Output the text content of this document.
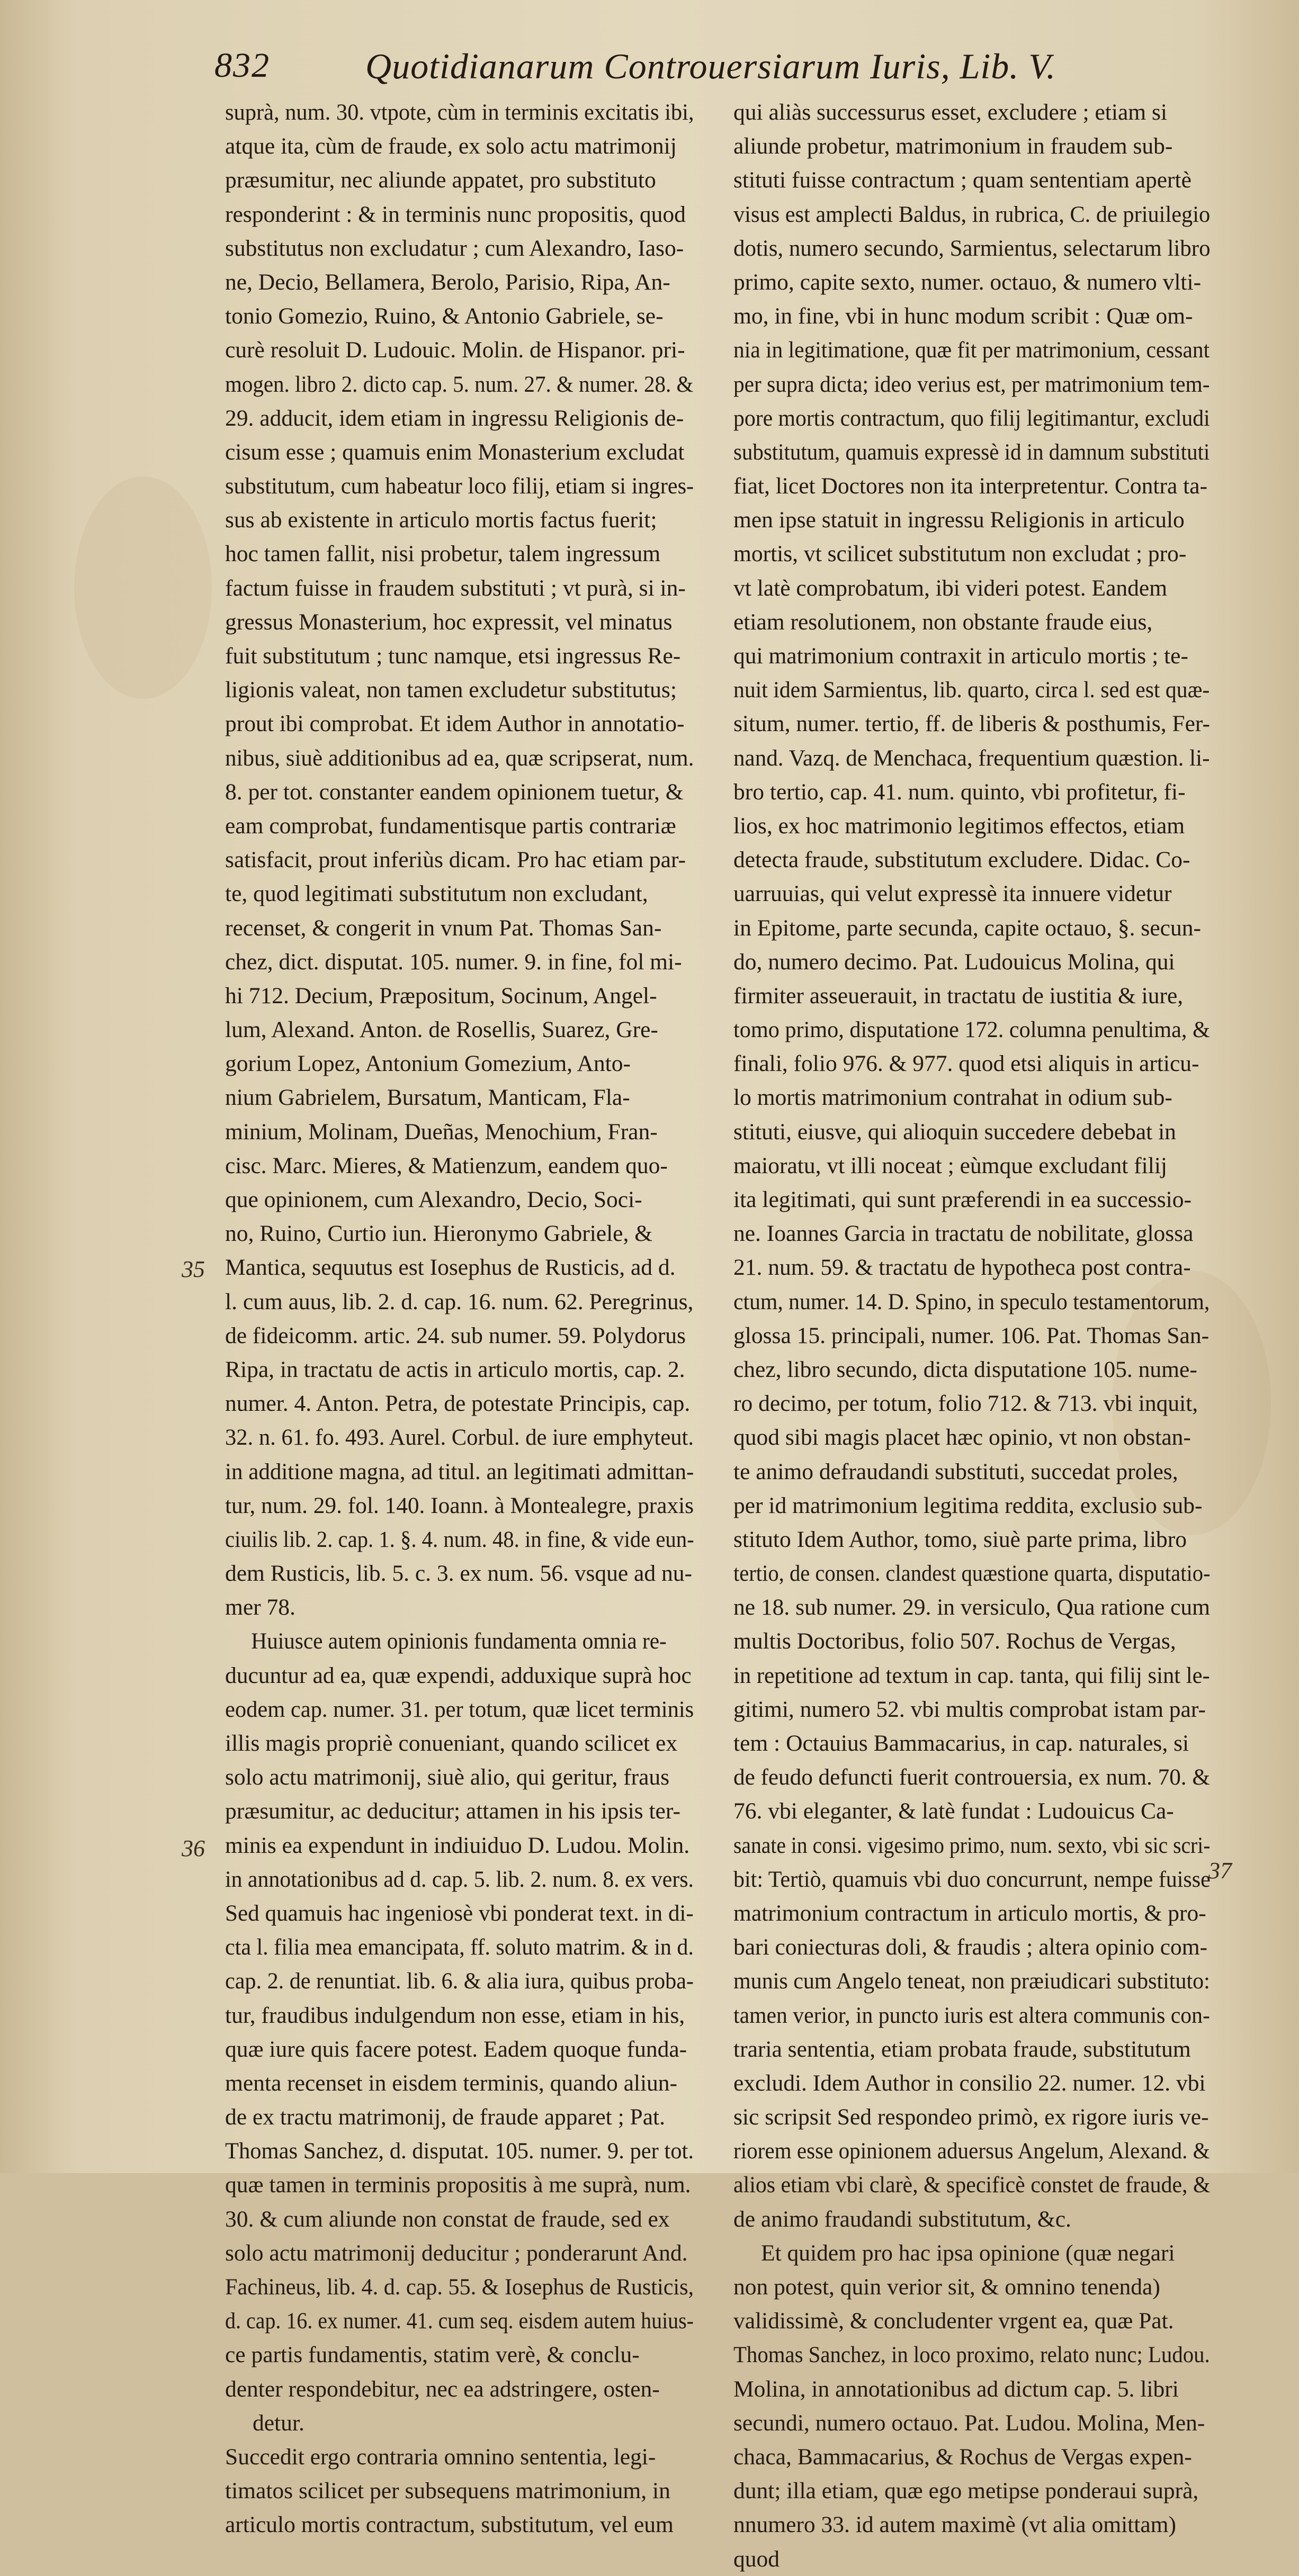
832	Quotidianarum Controuersiarum Iuris, Lib. V.
35
36
37
suprà, num. 30. vtpote, cùm in terminis excitatis ibi,
atque ita, cùm de fraude, ex solo actu matrimonij
præsumitur, nec aliunde appatet, pro substituto
responderint : & in terminis nunc propositis, quod
substitutus non excludatur ; cum Alexandro, Iaso-
ne, Decio, Bellamera, Berolo, Parisio, Ripa, An-
tonio Gomezio, Ruino, & Antonio Gabriele, se-
curè resoluit D. Ludouic. Molin. de Hispanor. pri-
mogen. libro 2. dicto cap. 5. num. 27. & numer. 28. &
29. adducit, idem etiam in ingressu Religionis de-
cisum esse ; quamuis enim Monasterium excludat
substitutum, cum habeatur loco filij, etiam si ingres-
sus ab existente in articulo mortis factus fuerit;
hoc tamen fallit, nisi probetur, talem ingressum
factum fuisse in fraudem substituti ; vt purà, si in-
gressus Monasterium, hoc expressit, vel minatus
fuit substitutum ; tunc namque, etsi ingressus Re-
ligionis valeat, non tamen excludetur substitutus;
prout ibi comprobat. Et idem Author in annotatio-
nibus, siuè additionibus ad ea, quæ scripserat, num.
8. per tot. constanter eandem opinionem tuetur, &
eam comprobat, fundamentisque partis contrariæ
satisfacit, prout inferiùs dicam. Pro hac etiam par-
te, quod legitimati substitutum non excludant,
recenset, & congerit in vnum Pat. Thomas San-
chez, dict. disputat. 105. numer. 9. in fine, fol mi-
hi 712. Decium, Præpositum, Socinum, Angel-
lum, Alexand. Anton. de Rosellis, Suarez, Gre-
gorium Lopez, Antonium Gomezium, Anto-
nium Gabrielem, Bursatum, Manticam, Fla-
minium, Molinam, Dueñas, Menochium, Fran-
cisc. Marc. Mieres, & Matienzum, eandem quo-
que opinionem, cum Alexandro, Decio, Soci-
no, Ruino, Curtio iun. Hieronymo Gabriele, &
Mantica, sequutus est Iosephus de Rusticis, ad d.
l. cum auus, lib. 2. d. cap. 16. num. 62. Peregrinus,
de fideicomm. artic. 24. sub numer. 59. Polydorus
Ripa, in tractatu de actis in articulo mortis, cap. 2.
numer. 4. Anton. Petra, de potestate Principis, cap.
32. n. 61. fo. 493. Aurel. Corbul. de iure emphyteut.
in additione magna, ad titul. an legitimati admittan-
tur, num. 29. fol. 140. Ioann. à Montealegre, praxis
ciuilis lib. 2. cap. 1. §. 4. num. 48. in fine, & vide eun-
dem Rusticis, lib. 5. c. 3. ex num. 56. vsque ad nu-
mer 78.
Huiusce autem opinionis fundamenta omnia re-
ducuntur ad ea, quæ expendi, adduxique suprà hoc
eodem cap. numer. 31. per totum, quæ licet terminis
illis magis propriè conueniant, quando scilicet ex
solo actu matrimonij, siuè alio, qui geritur, fraus
præsumitur, ac deducitur; attamen in his ipsis ter-
minis ea expendunt in indiuiduo D. Ludou. Molin.
in annotationibus ad d. cap. 5. lib. 2. num. 8. ex vers.
Sed quamuis hac ingeniosè vbi ponderat text. in di-
cta l. filia mea emancipata, ff. soluto matrim. & in d.
cap. 2. de renuntiat. lib. 6. & alia iura, quibus proba-
tur, fraudibus indulgendum non esse, etiam in his,
quæ iure quis facere potest. Eadem quoque funda-
menta recenset in eisdem terminis, quando aliun-
de ex tractu matrimonij, de fraude apparet ; Pat.
Thomas Sanchez, d. disputat. 105. numer. 9. per tot.
quæ tamen in terminis propositis à me suprà, num.
30. & cum aliunde non constat de fraude, sed ex
solo actu matrimonij deducitur ; ponderarunt And.
Fachineus, lib. 4. d. cap. 55. & Iosephus de Rusticis,
d. cap. 16. ex numer. 41. cum seq. eisdem autem huius-
ce partis fundamentis, statim verè, & conclu-
denter respondebitur, nec ea adstringere, osten-
detur.
Succedit ergo contraria omnino sententia, legi-
timatos scilicet per subsequens matrimonium, in
articulo mortis contractum, substitutum, vel eum
qui aliàs successurus esset, excludere ; etiam si
aliunde probetur, matrimonium in fraudem sub-
stituti fuisse contractum ; quam sententiam apertè
visus est amplecti Baldus, in rubrica, C. de priuilegio
dotis, numero secundo, Sarmientus, selectarum libro
primo, capite sexto, numer. octauo, & numero vlti-
mo, in fine, vbi in hunc modum scribit : Quæ om-
nia in legitimatione, quæ fit per matrimonium, cessant
per supra dicta; ideo verius est, per matrimonium tem-
pore mortis contractum, quo filij legitimantur, excludi
substitutum, quamuis expressè id in damnum substituti
fiat, licet Doctores non ita interpretentur. Contra ta-
men ipse statuit in ingressu Religionis in articulo
mortis, vt scilicet substitutum non excludat ; pro-
vt latè comprobatum, ibi videri potest. Eandem
etiam resolutionem, non obstante fraude eius,
qui matrimonium contraxit in articulo mortis ; te-
nuit idem Sarmientus, lib. quarto, circa l. sed est quæ-
situm, numer. tertio, ff. de liberis & posthumis, Fer-
nand. Vazq. de Menchaca, frequentium quæstion. li-
bro tertio, cap. 41. num. quinto, vbi profitetur, fi-
lios, ex hoc matrimonio legitimos effectos, etiam
detecta fraude, substitutum excludere. Didac. Co-
uarruuias, qui velut expressè ita innuere videtur
in Epitome, parte secunda, capite octauo, §. secun-
do, numero decimo. Pat. Ludouicus Molina, qui
firmiter asseuerauit, in tractatu de iustitia & iure,
tomo primo, disputatione 172. columna penultima, &
finali, folio 976. & 977. quod etsi aliquis in articu-
lo mortis matrimonium contrahat in odium sub-
stituti, eiusve, qui alioquin succedere debebat in
maioratu, vt illi noceat ; eùmque excludant filij
ita legitimati, qui sunt præferendi in ea successio-
ne. Ioannes Garcia in tractatu de nobilitate, glossa
21. num. 59. & tractatu de hypotheca post contra-
ctum, numer. 14. D. Spino, in speculo testamentorum,
glossa 15. principali, numer. 106. Pat. Thomas San-
chez, libro secundo, dicta disputatione 105. nume-
ro decimo, per totum, folio 712. & 713. vbi inquit,
quod sibi magis placet hæc opinio, vt non obstan-
te animo defraudandi substituti, succedat proles,
per id matrimonium legitima reddita, exclusio sub-
stituto Idem Author, tomo, siuè parte prima, libro
tertio, de consen. clandest quæstione quarta, disputatio-
ne 18. sub numer. 29. in versiculo, Qua ratione cum
multis Doctoribus, folio 507. Rochus de Vergas,
in repetitione ad textum in cap. tanta, qui filij sint le-
gitimi, numero 52. vbi multis comprobat istam par-
tem : Octauius Bammacarius, in cap. naturales, si
de feudo defuncti fuerit controuersia, ex num. 70. &
76. vbi eleganter, & latè fundat : Ludouicus Ca-
sanate in consi. vigesimo primo, num. sexto, vbi sic scri-
bit: Tertiò, quamuis vbi duo concurrunt, nempe fuisse
matrimonium contractum in articulo mortis, & pro-
bari coniecturas doli, & fraudis ; altera opinio com-
munis cum Angelo teneat, non præiudicari substituto:
tamen verior, in puncto iuris est altera communis con-
traria sententia, etiam probata fraude, substitutum
excludi. Idem Author in consilio 22. numer. 12. vbi
sic scripsit Sed respondeo primò, ex rigore iuris ve-
riorem esse opinionem aduersus Angelum, Alexand. &
alios etiam vbi clarè, & specificè constet de fraude, &
de animo fraudandi substitutum, &c.
Et quidem pro hac ipsa opinione (quæ negari
non potest, quin verior sit, & omnino tenenda)
validissimè, & concludenter vrgent ea, quæ Pat.
Thomas Sanchez, in loco proximo, relato nunc; Ludou.
Molina, in annotationibus ad dictum cap. 5. libri
secundi, numero octauo. Pat. Ludou. Molina, Men-
chaca, Bammacarius, & Rochus de Vergas expen-
dunt; illa etiam, quæ ego metipse ponderaui suprà,
nnumero 33. id autem maximè (vt alia omittam)
quod
